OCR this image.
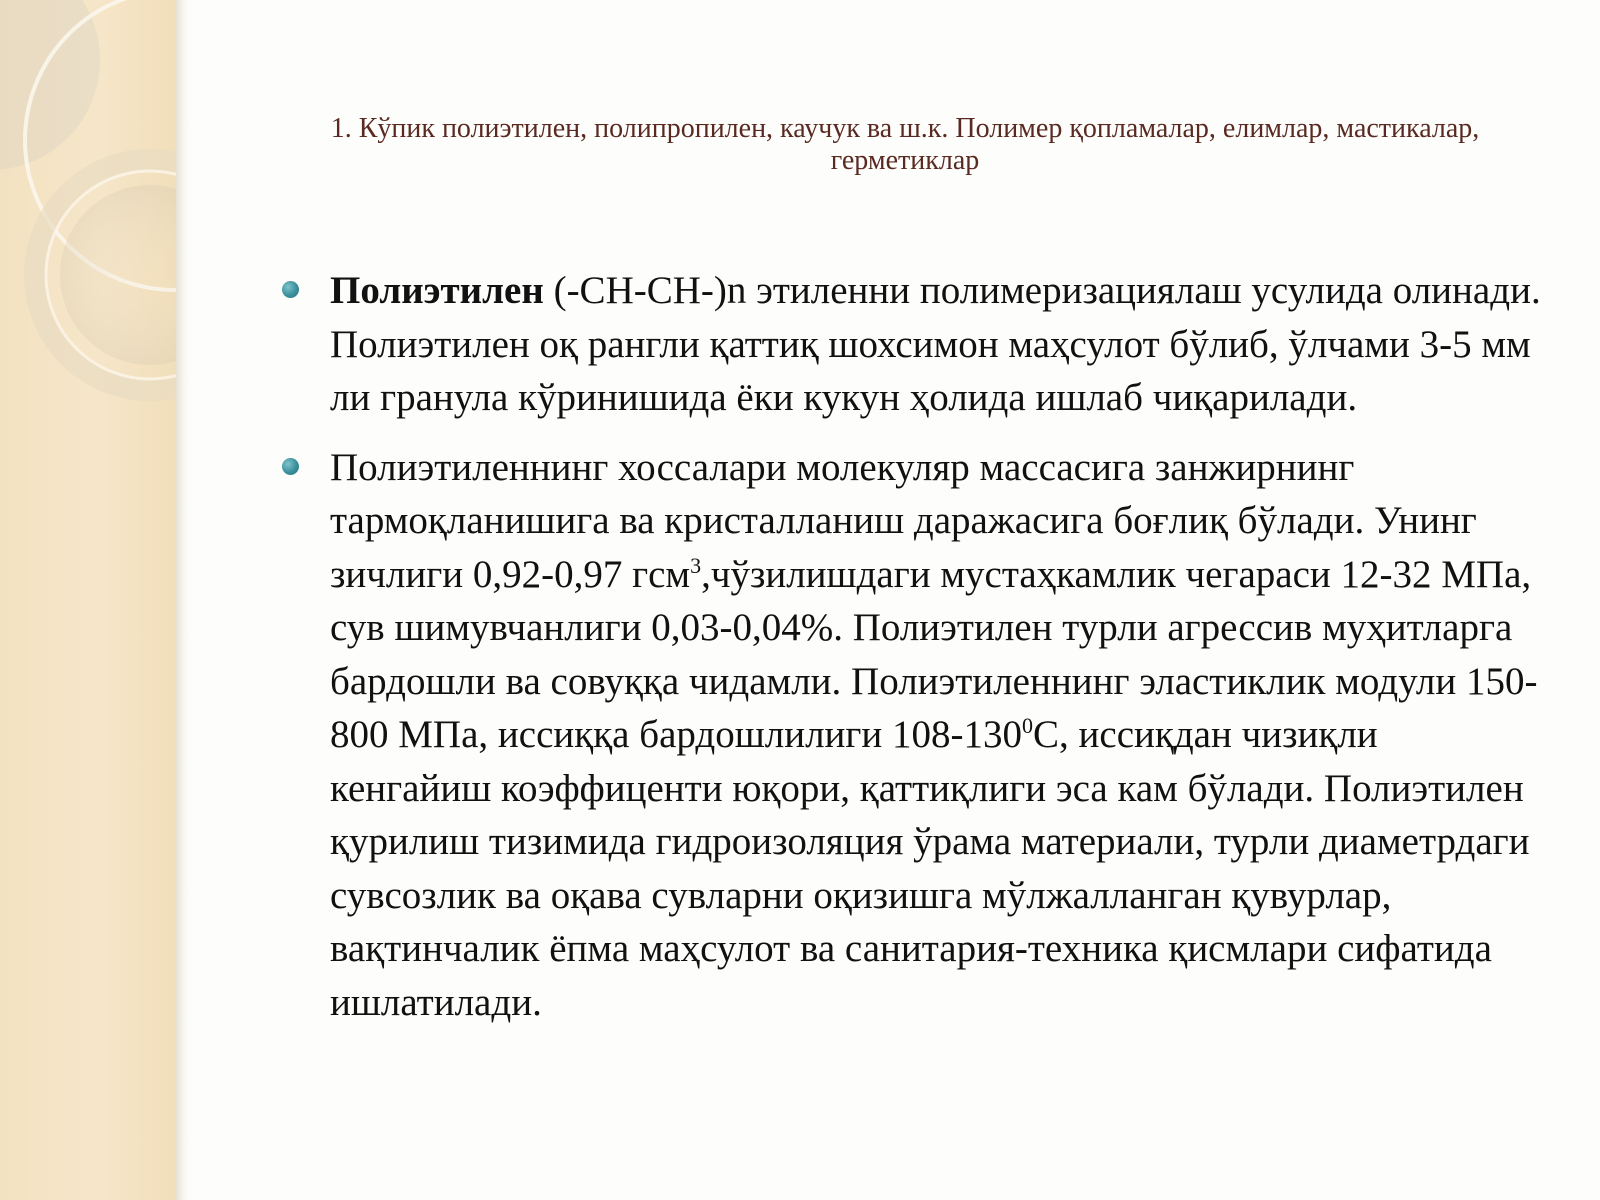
1. Кўпик полиэтилен, полипропилен, каучук ва ш.к. Полимер қопламалар, елимлар, мастикалар, герметиклар
Полиэтилен (-СН-СН-)n этиленни полимеризациялаш усулида олинади. Полиэтилен оқ рангли қаттиқ шохсимон маҳсулот бўлиб, ўлчами 3-5 мм ли гранула кўринишида ёки кукун ҳолида ишлаб чиқарилади.
Полиэтиленнинг хоссалари молекуляр массасига занжирнинг тармоқланишига ва кристалланиш даражасига боғлиқ бўлади. Унинг зичлиги 0,92-0,97 гсм$^3$,чўзилишдаги мустаҳкамлик чегараси 12-32 МПа, сув шимувчанлиги 0,03-0,04%. Полиэтилен турли агрессив муҳитларга бардошли ва совуққа чидамли. Полиэтиленнинг эластиклик модули 150-800 МПа, иссиққа бардошлилиги $108-130^0С$, иссиқдан чизиқли кенгайиш коэффиценти юқори, қаттиқлиги эса кам бўлади. Полиэтилен қурилиш тизимида гидроизоляция ўрама материали, турли диаметрдаги сувсозлик ва оқава сувларни оқизишга мўлжалланган қувурлар, вақтинчалик ёпма маҳсулот ва санитария-техника қисмлари сифатида ишлатилади.
